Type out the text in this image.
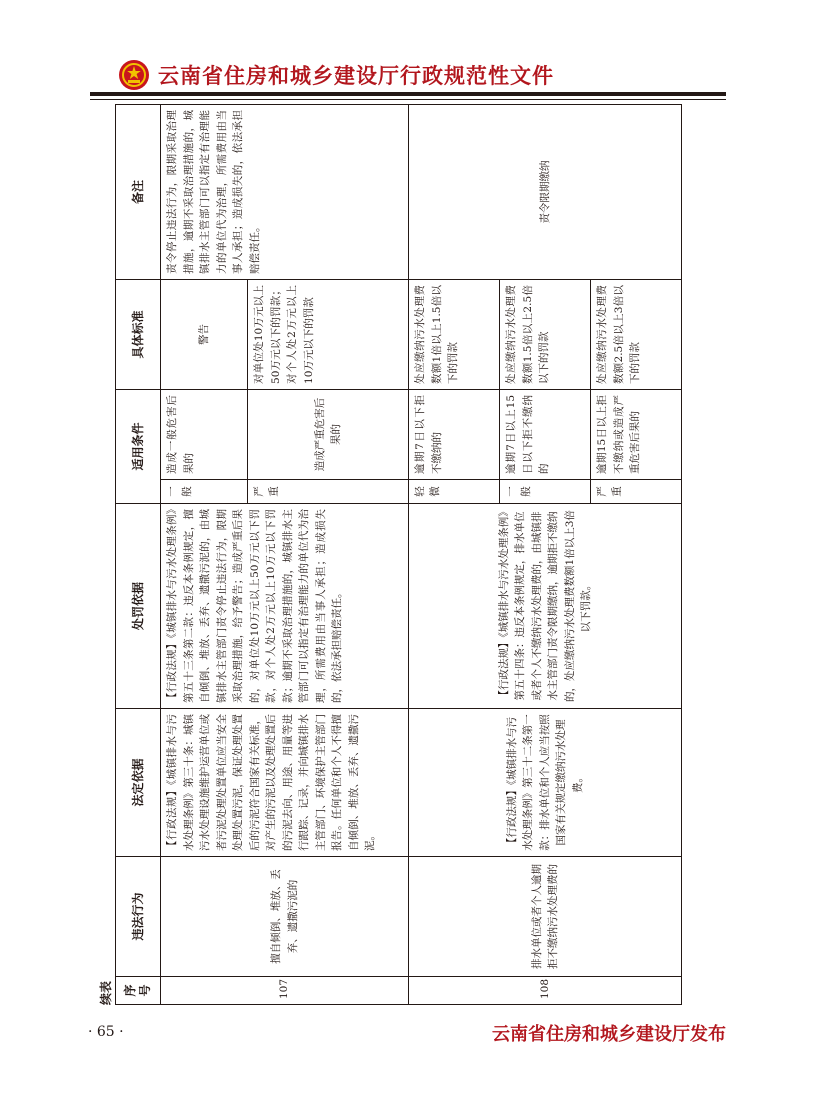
云南省住房和城乡建设厅行政规范性文件
续表 序号	违法行为	法定依据	处罚依据	适用条件		具体标准	备注
107	擅自倾倒、堆放、丢弃、遗撒污泥的	【行政法规】《城镇排水与污水处理条例》第三十条：城镇污水处理设施维护运营单位或者污泥处理处置单位应当安全处理处置污泥，保证处理处置后的污泥符合国家有关标准，对产生的污泥以及处理处置后的污泥去向、用途、用量等进行跟踪、记录，并向城镇排水主管部门、环境保护主管部门报告。任何单位和个人不得擅自倾倒、堆放、丢弃、遗撒污泥。	【行政法规】《城镇排水与污水处理条例》第五十三条第二款：违反本条例规定，擅自倾倒、堆放、丢弃、遗撒污泥的，由城镇排水主管部门责令停止违法行为，限期采取治理措施，给予警告；造成严重后果的，对单位处10万元以上50万元以下罚款，对个人处2万元以上10万元以下罚款；逾期不采取治理措施的，城镇排水主管部门可以指定有治理能力的单位代为治理，所需费用由当事人承担；造成损失的，依法承担赔偿责任。	一般	造成一般危害后果的	警告	责令停止违法行为，限期采取治理措施，逾期不采取治理措施的，城镇排水主管部门可以指定有治理能力的单位代为治理，所需费用由当事人承担；造成损失的，依法承担赔偿责任。

				严重	造成严重危害后果的	对单位处10万元以上50万元以下的罚款；对个人处2万元以上10万元以下的罚款	
108	排水单位或者个人逾期拒不缴纳污水处理费的	【行政法规】《城镇排水与污水处理条例》第三十二条第一款：排水单位和个人应当按照国家有关规定缴纳污水处理费。	【行政法规】《城镇排水与污水处理条例》第五十四条：违反本条例规定，排水单位或者个人不缴纳污水处理费的，由城镇排水主管部门责令限期缴纳，逾期拒不缴纳的，处应缴纳污水处理费数额1倍以上3倍以下罚款。	轻微	逾期7日以下拒不缴纳的	处应缴纳污水处理费数额1倍以上1.5倍以下的罚款	责令限期缴纳

				一般	逾期7日以上15日以下拒不缴纳的	处应缴纳污水处理费数额1.5倍以上2.5倍以下的罚款	

				严重	逾期15日以上拒不缴纳或造成严重危害后果的	处应缴纳污水处理费数额2.5倍以上3倍以下的罚款	
· 65 ·	云南省住房和城乡建设厅发布
